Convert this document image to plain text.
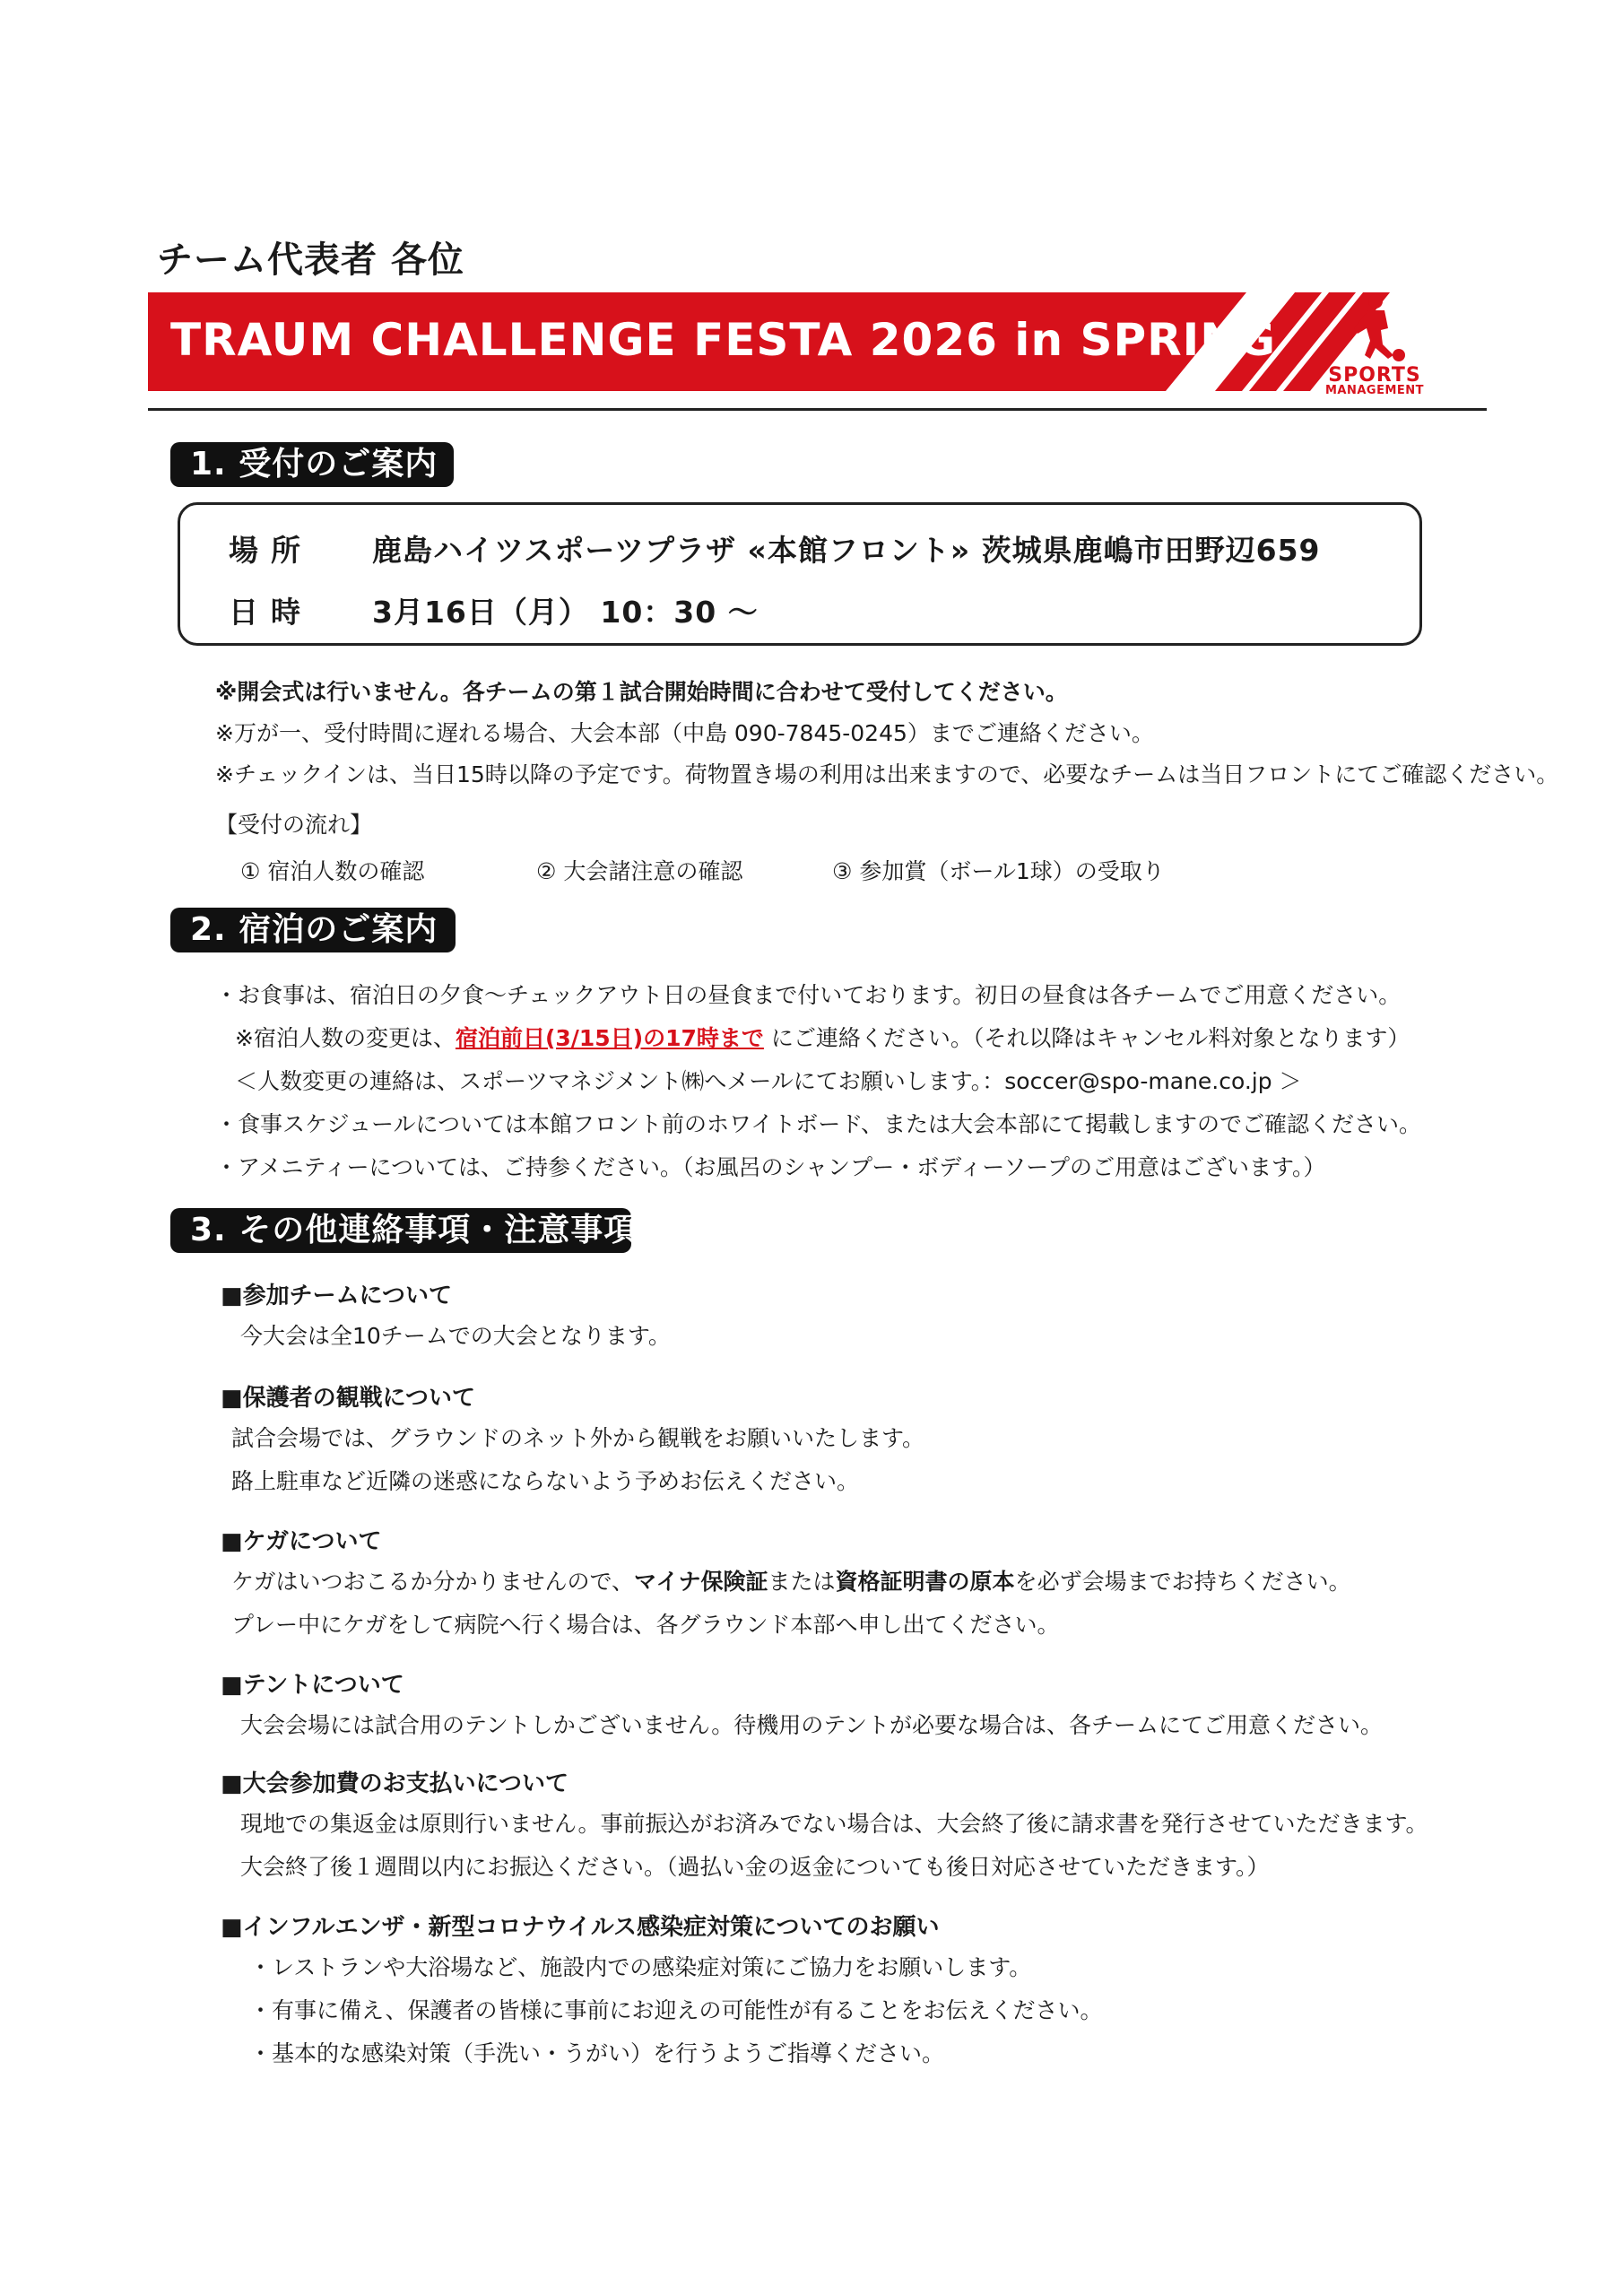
チーム代表者 各位
TRAUM CHALLENGE FESTA 2026 in SPRING
SPORTS
MANAGEMENT
1. 受付のご案内
場所 鹿島ハイツスポーツプラザ «本館フロント» 茨城県鹿嶋市田野辺659
日時 3月16日（月） 10：30 ～
※開会式は行いません。各チームの第１試合開始時間に合わせて受付してください。
※万が一、受付時間に遅れる場合、大会本部（中島 090-7845-0245）までご連絡ください。
※チェックインは、当日15時以降の予定です。荷物置き場の利用は出来ますので、必要なチームは当日フロントにてご確認ください。
【受付の流れ】
① 宿泊人数の確認	② 大会諸注意の確認	③ 参加賞（ボール1球）の受取り
2. 宿泊のご案内
・お食事は、宿泊日の夕食～チェックアウト日の昼食まで付いております。初日の昼食は各チームでご用意ください。
※宿泊人数の変更は、宿泊前日(3/15日)の17時まで にご連絡ください。（それ以降はキャンセル料対象となります）
＜人数変更の連絡は、スポーツマネジメント㈱へメールにてお願いします。：soccer@spo-mane.co.jp ＞
・食事スケジュールについては本館フロント前のホワイトボード、または大会本部にて掲載しますのでご確認ください。
・アメニティーについては、ご持参ください。（お風呂のシャンプー・ボディーソープのご用意はございます。）
3. その他連絡事項・注意事項
■参加チームについて
今大会は全10チームでの大会となります。
■保護者の観戦について
試合会場では、グラウンドのネット外から観戦をお願いいたします。
路上駐車など近隣の迷惑にならないよう予めお伝えください。
■ケガについて
ケガはいつおこるか分かりませんので、マイナ保険証または資格証明書の原本を必ず会場までお持ちください。
プレー中にケガをして病院へ行く場合は、各グラウンド本部へ申し出てください。
■テントについて
大会会場には試合用のテントしかございません。待機用のテントが必要な場合は、各チームにてご用意ください。
■大会参加費のお支払いについて
現地での集返金は原則行いません。事前振込がお済みでない場合は、大会終了後に請求書を発行させていただきます。
大会終了後１週間以内にお振込ください。（過払い金の返金についても後日対応させていただきます。）
■インフルエンザ・新型コロナウイルス感染症対策についてのお願い
・レストランや大浴場など、施設内での感染症対策にご協力をお願いします。
・有事に備え、保護者の皆様に事前にお迎えの可能性が有ることをお伝えください。
・基本的な感染対策（手洗い・うがい）を行うようご指導ください。
